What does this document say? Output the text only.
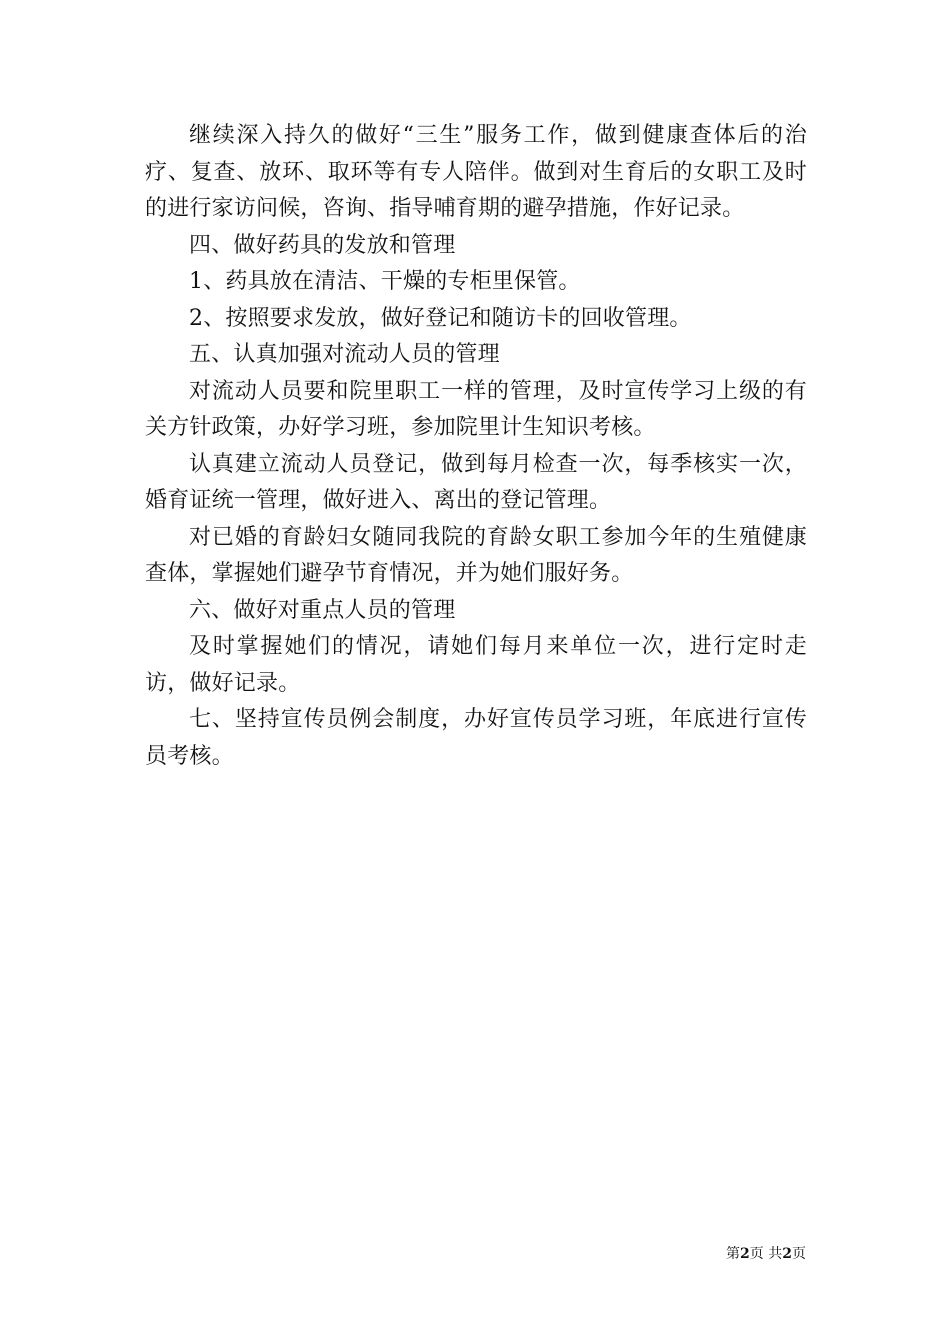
继续深入持久的做好“三生”服务工作，做到健康查体后的治疗、复查、放环、取环等有专人陪伴。做到对生育后的女职工及时的进行家访问候，咨询、指导哺育期的避孕措施，作好记录。

四、做好药具的发放和管理

1、药具放在清洁、干燥的专柜里保管。

2、按照要求发放，做好登记和随访卡的回收管理。

五、认真加强对流动人员的管理

对流动人员要和院里职工一样的管理，及时宣传学习上级的有关方针政策，办好学习班，参加院里计生知识考核。

认真建立流动人员登记，做到每月检查一次，每季核实一次，婚育证统一管理，做好进入、离出的登记管理。

对已婚的育龄妇女随同我院的育龄女职工参加今年的生殖健康查体，掌握她们避孕节育情况，并为她们服好务。

六、做好对重点人员的管理

及时掌握她们的情况，请她们每月来单位一次，进行定时走访，做好记录。

七、坚持宣传员例会制度，办好宣传员学习班，年底进行宣传员考核。

第2页 共2页
